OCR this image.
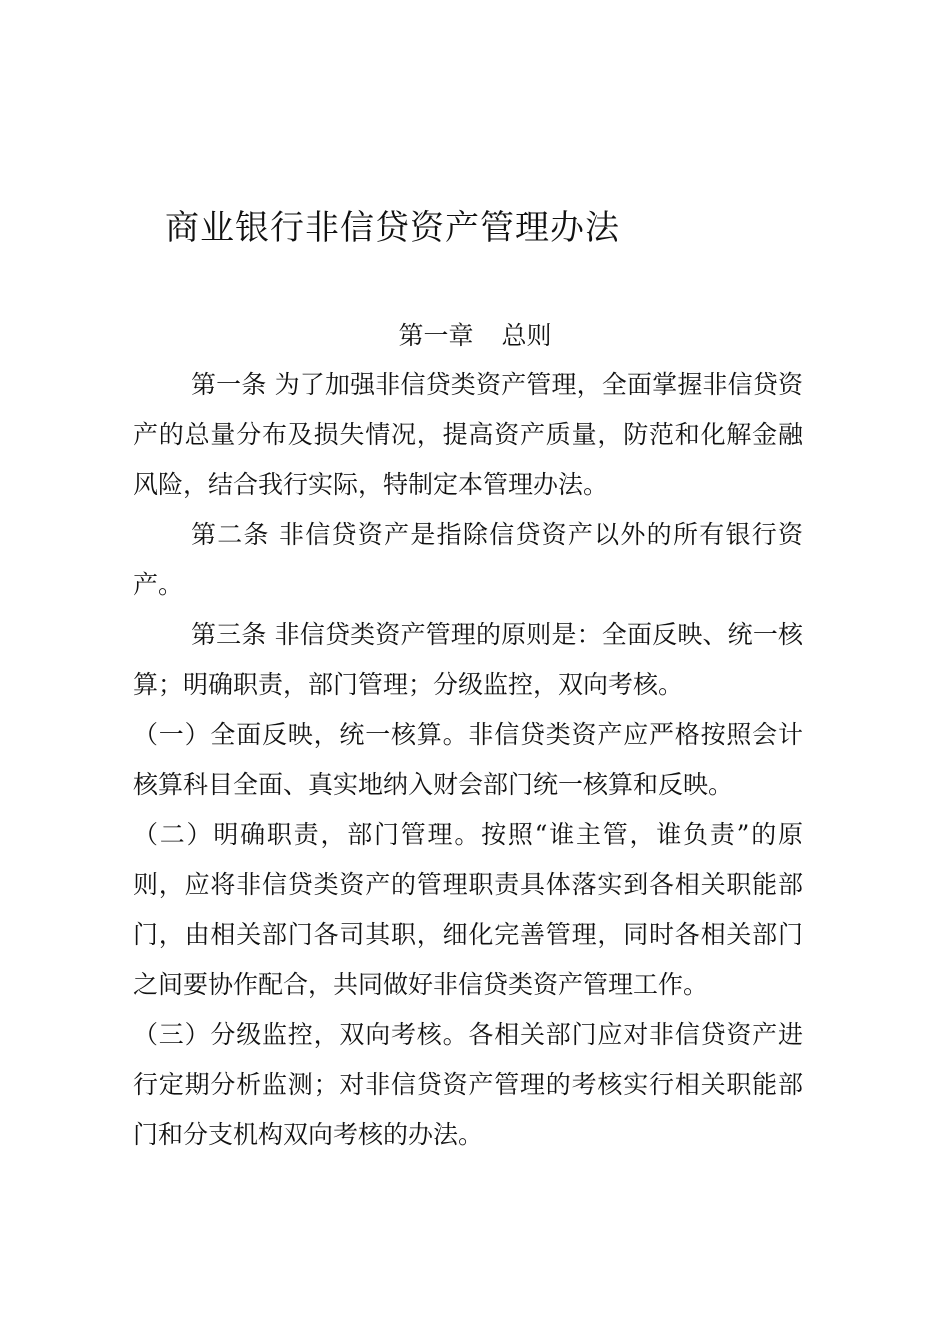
商业银行非信贷资产管理办法
第一章 总则

第一条 为了加强非信贷类资产管理，全面掌握非信贷资产的总量分布及损失情况，提高资产质量，防范和化解金融风险，结合我行实际，特制定本管理办法。

第二条 非信贷资产是指除信贷资产以外的所有银行资产。

第三条 非信贷类资产管理的原则是：全面反映、统一核算；明确职责，部门管理；分级监控，双向考核。

（一）全面反映，统一核算。非信贷类资产应严格按照会计核算科目全面、真实地纳入财会部门统一核算和反映。

（二）明确职责，部门管理。按照“谁主管，谁负责”的原则，应将非信贷类资产的管理职责具体落实到各相关职能部门，由相关部门各司其职，细化完善管理，同时各相关部门之间要协作配合，共同做好非信贷类资产管理工作。

（三）分级监控，双向考核。各相关部门应对非信贷资产进行定期分析监测；对非信贷资产管理的考核实行相关职能部门和分支机构双向考核的办法。
